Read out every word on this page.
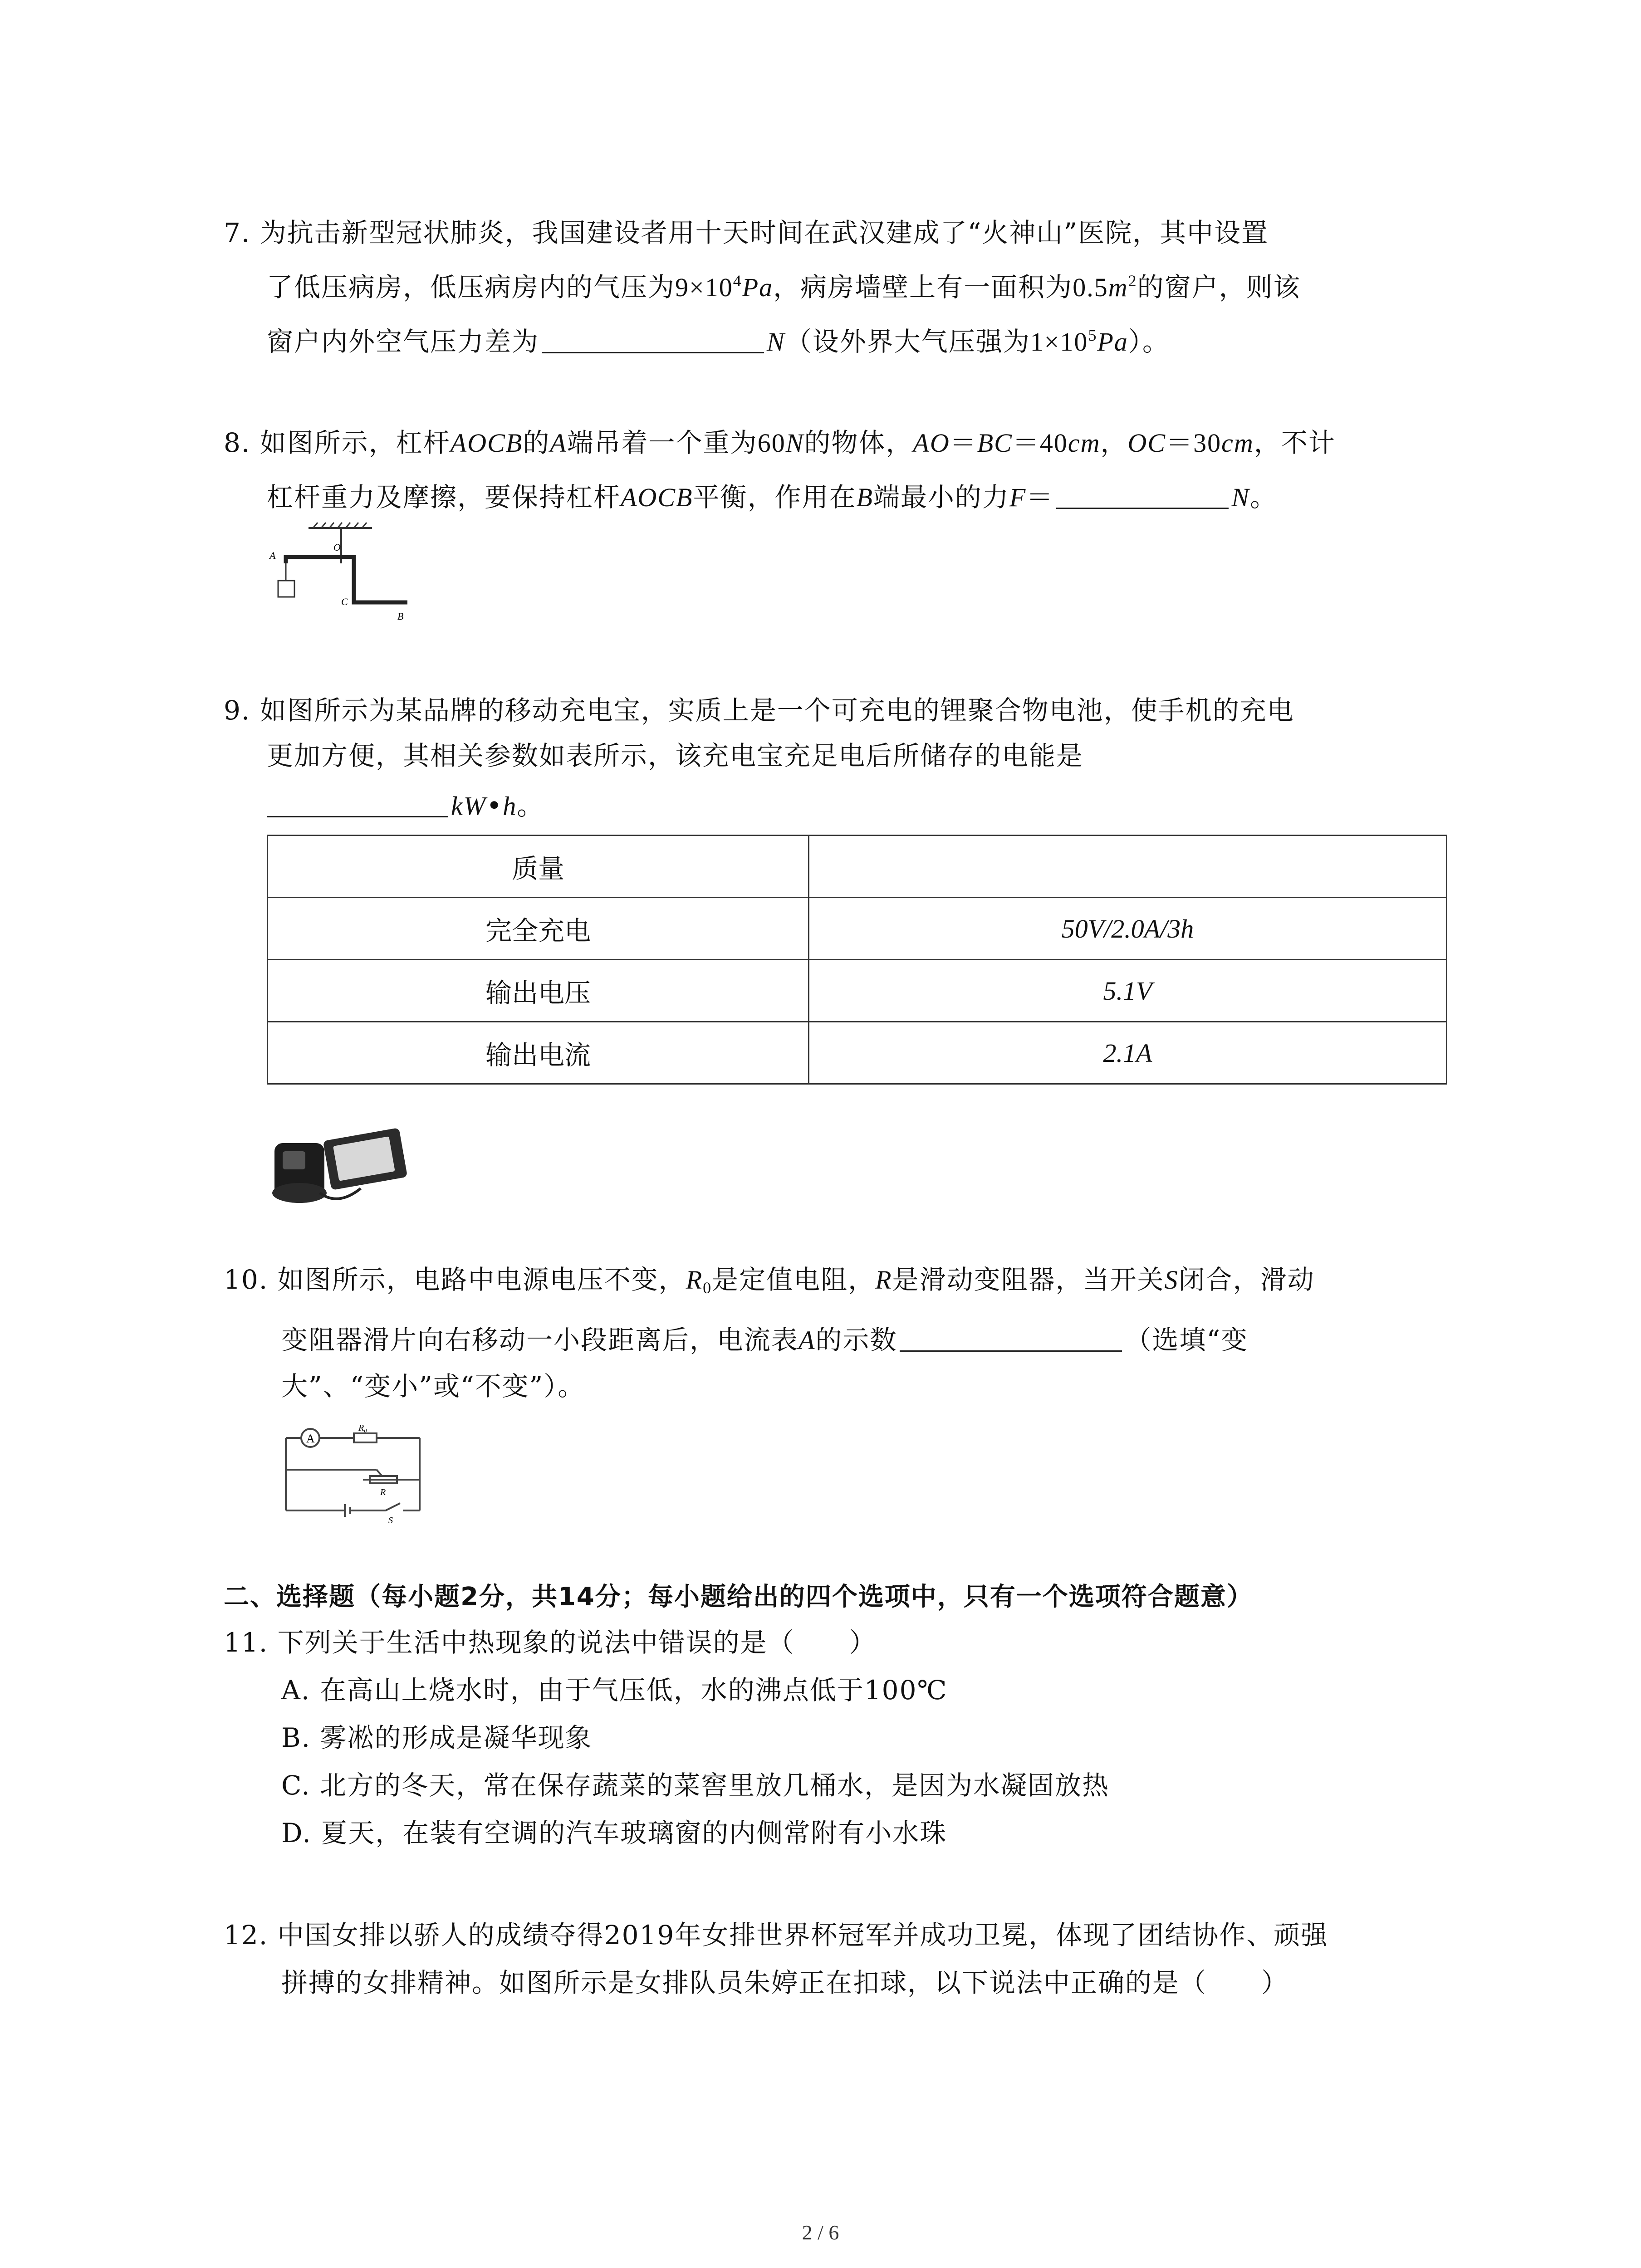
7. 为抗击新型冠状肺炎，我国建设者用十天时间在武汉建成了“火神山”医院，其中设置
了低压病房，低压病房内的气压为$9\times 10^4Pa$，病房墙壁上有一面积为$0.5m^2$的窗户，则该
窗户内外空气压力差为	N（设外界大气压强为$1\times 10^5Pa$）。
8. 如图所示，杠杆AOCB的A端吊着一个重为60N的物体，AO＝BC＝40cm，OC＝30cm，不计
杠杆重力及摩擦，要保持杠杆AOCB平衡，作用在B端最小的力F＝	N。
A
O
C
B
9. 如图所示为某品牌的移动充电宝，实质上是一个可充电的锂聚合物电池，使手机的充电
更加方便，其相关参数如表所示，该充电宝充足电后所储存的电能是
kW•h。
质量	
完全充电	50V/2.0A/3h
输出电压	5.1V
输出电流	2.1A
10. 如图所示，电路中电源电压不变，$R_0$是定值电阻，R是滑动变阻器，当开关S闭合，滑动
变阻器滑片向右移动一小段距离后，电流表A的示数	（选填“变
大”、“变小”或“不变”）。
A
R₀
R
S
二、选择题（每小题2分，共14分；每小题给出的四个选项中，只有一个选项符合题意）
11. 下列关于生活中热现象的说法中错误的是（　　）
A. 在高山上烧水时，由于气压低，水的沸点低于100℃
B. 雾凇的形成是凝华现象
C. 北方的冬天，常在保存蔬菜的菜窖里放几桶水，是因为水凝固放热
D. 夏天，在装有空调的汽车玻璃窗的内侧常附有小水珠
12. 中国女排以骄人的成绩夺得2019年女排世界杯冠军并成功卫冕，体现了团结协作、顽强
拼搏的女排精神。如图所示是女排队员朱婷正在扣球，以下说法中正确的是（　　）
2 / 6
